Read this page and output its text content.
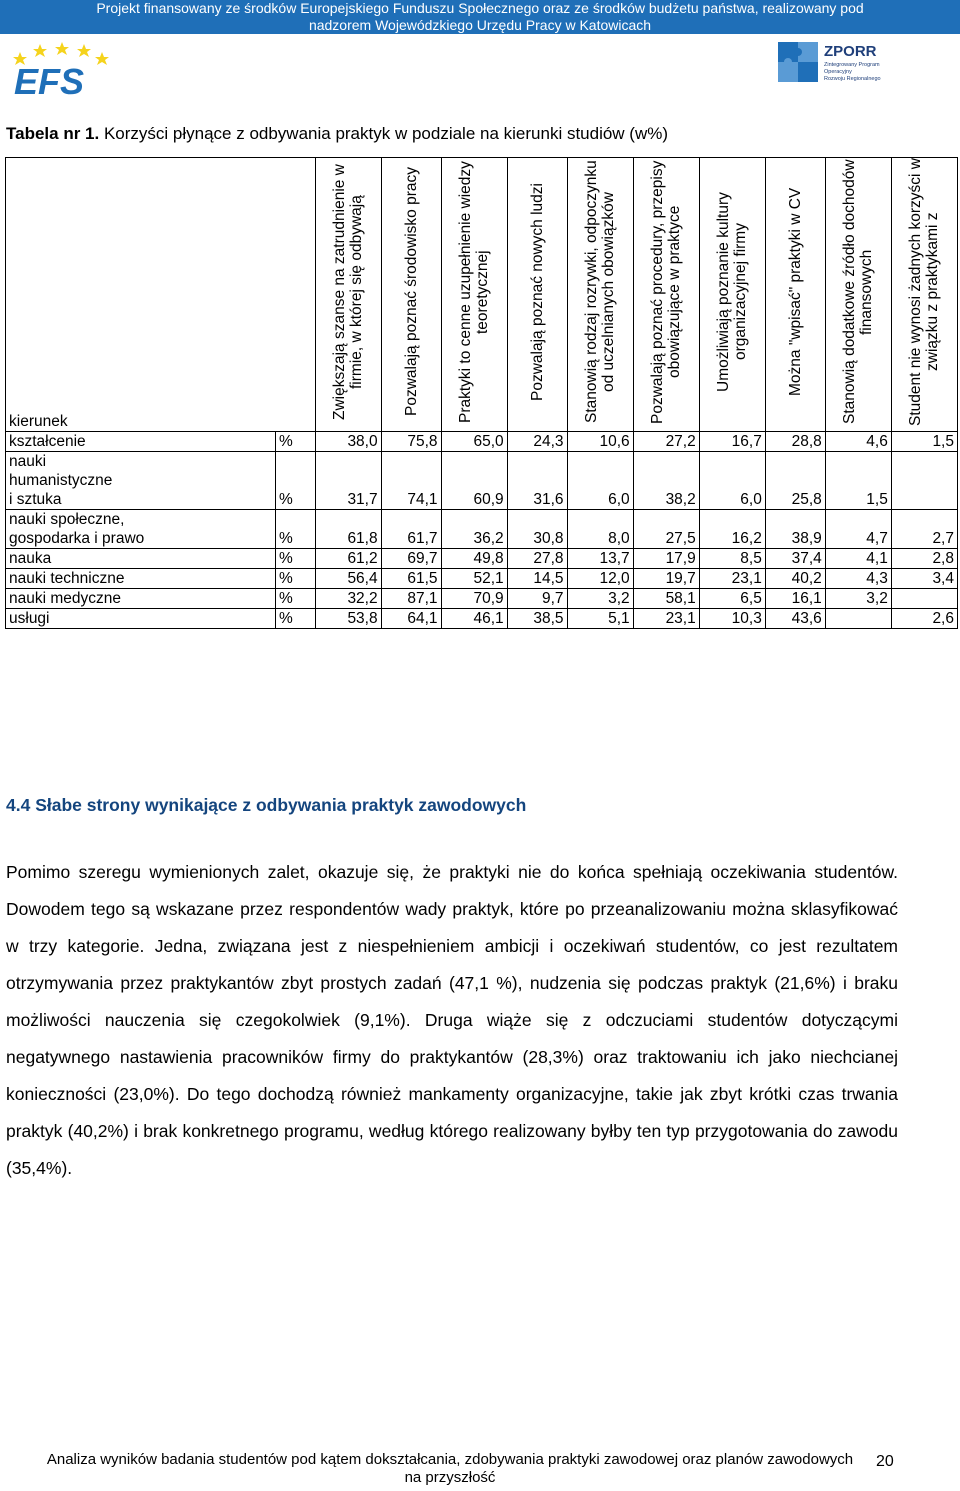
Projekt finansowany ze środków Europejskiego Funduszu Społecznego oraz ze środków budżetu państwa, realizowany pod
nadzorem Wojewódzkiego Urzędu Pracy w Katowicach
EFS
ZPORR
Zintegrowany Program
Operacyjny
Rozwoju Regionalnego
Tabela nr 1. Korzyści płynące z odbywania praktyk w podziale na kierunki studiów (w%)
kierunek		Zwiększają szanse na zatrudnienie w firmie, w której się odbywają	Pozwalają poznać środowisko pracy	Praktyki to cenne uzupełnienie wiedzy teoretycznej	Pozwalają poznać nowych ludzi	Stanowią rodzaj rozrywki, odpoczynku od uczelnianych obowiązków	Pozwalają poznać procedury, przepisy obowiązujące w praktyce	Umożliwiają poznanie kultury organizacyjnej firmy	Można "wpisać" praktyki w CV	Stanowią dodatkowe źródło dochodów finansowych	Student nie wynosi żadnych korzyści w związku z praktykami z
kształcenie	%	38,0	75,8	65,0	24,3	10,6	27,2	16,7	28,8	4,6	1,5
nauki
humanistyczne
i sztuka	%	31,7	74,1	60,9	31,6	6,0	38,2	6,0	25,8	1,5	
nauki społeczne,
gospodarka i prawo	%	61,8	61,7	36,2	30,8	8,0	27,5	16,2	38,9	4,7	2,7
nauka	%	61,2	69,7	49,8	27,8	13,7	17,9	8,5	37,4	4,1	2,8
nauki techniczne	%	56,4	61,5	52,1	14,5	12,0	19,7	23,1	40,2	4,3	3,4
nauki medyczne	%	32,2	87,1	70,9	9,7	3,2	58,1	6,5	16,1	3,2	
usługi	%	53,8	64,1	46,1	38,5	5,1	23,1	10,3	43,6		2,6
4.4 Słabe strony wynikające z odbywania praktyk zawodowych
Pomimo szeregu wymienionych zalet, okazuje się, że praktyki nie do końca spełniają oczekiwania studentów. Dowodem tego są wskazane przez respondentów wady praktyk, które po przeanalizowaniu można sklasyfikować w trzy kategorie. Jedna, związana jest z niespełnieniem ambicji i oczekiwań studentów, co jest rezultatem otrzymywania przez praktykantów zbyt prostych zadań (47,1 %), nudzenia się podczas praktyk (21,6%) i braku możliwości nauczenia się czegokolwiek (9,1%). Druga wiąże się z odczuciami studentów dotyczącymi negatywnego nastawienia pracowników firmy do praktykantów (28,3%) oraz traktowaniu ich jako niechcianej konieczności (23,0%). Do tego dochodzą również mankamenty organizacyjne, takie jak zbyt krótki czas trwania praktyk (40,2%) i brak konkretnego programu, według którego realizowany byłby ten typ przygotowania do zawodu (35,4%).
Analiza wyników badania studentów pod kątem dokształcania, zdobywania praktyki zawodowej oraz planów zawodowych na przyszłość
20
